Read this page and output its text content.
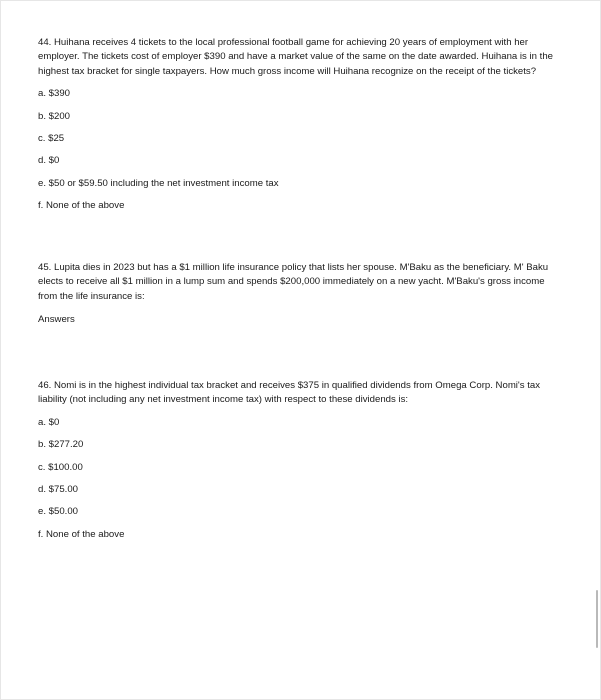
44. Huihana receives 4 tickets to the local professional football game for achieving 20 years of employment with her employer. The tickets cost of employer $390 and have a market value of the same on the date awarded. Huihana is in the highest tax bracket for single taxpayers. How much gross income will Huihana recognize on the receipt of the tickets?

a. $390
b. $200
c. $25
d. $0
e. $50 or $59.50 including the net investment income tax
f. None of the above

45. Lupita dies in 2023 but has a $1 million life insurance policy that lists her spouse. M'Baku as the beneficiary. M' Baku elects to receive all $1 million in a lump sum and spends $200,000 immediately on a new yacht. M'Baku's gross income from the life insurance is:

Answers

46. Nomi is in the highest individual tax bracket and receives $375 in qualified dividends from Omega Corp. Nomi's tax liability (not including any net investment income tax) with respect to these dividends is:

a. $0
b. $277.20
c. $100.00
d. $75.00
e. $50.00
f. None of the above
